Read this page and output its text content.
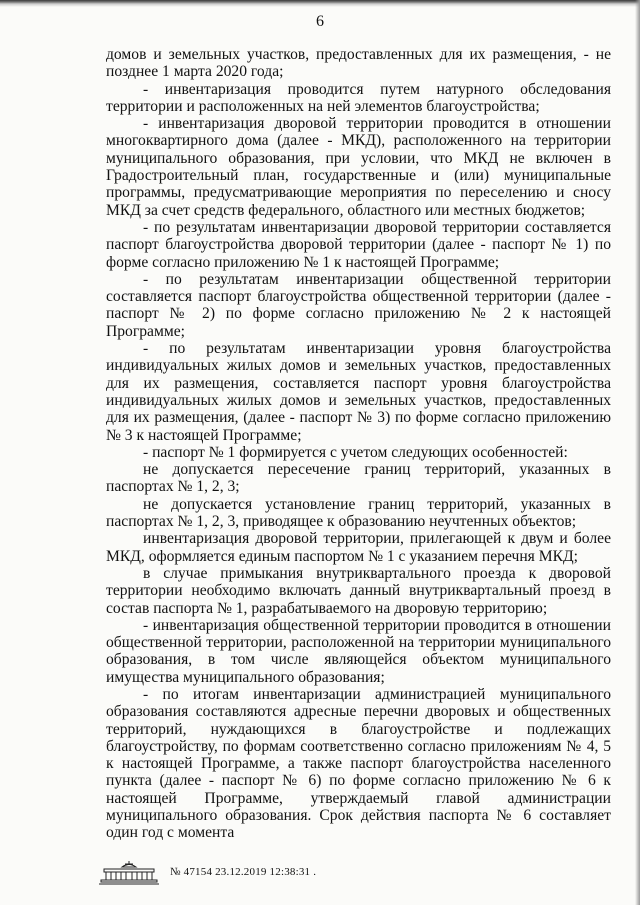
6

домов и земельных участков, предоставленных для их размещения, - не позднее 1 марта 2020 года;

- инвентаризация проводится путем натурного обследования территории и расположенных на ней элементов благоустройства;

- инвентаризация дворовой территории проводится в отношении многоквартирного дома (далее - МКД), расположенного на территории муниципального образования, при условии, что МКД не включен в Градостроительный план, государственные и (или) муниципальные программы, предусматривающие мероприятия по переселению и сносу МКД за счет средств федерального, областного или местных бюджетов;

- по результатам инвентаризации дворовой территории составляется паспорт благоустройства дворовой территории (далее - паспорт № 1) по форме согласно приложению № 1 к настоящей Программе;

- по результатам инвентаризации общественной территории составляется паспорт благоустройства общественной территории (далее - паспорт № 2) по форме согласно приложению № 2 к настоящей Программе;

- по результатам инвентаризации уровня благоустройства индивидуальных жилых домов и земельных участков, предоставленных для их размещения, составляется паспорт уровня благоустройства индивидуальных жилых домов и земельных участков, предоставленных для их размещения, (далее - паспорт № 3) по форме согласно приложению № 3 к настоящей Программе;

- паспорт № 1 формируется с учетом следующих особенностей:

не допускается пересечение границ территорий, указанных в паспортах № 1, 2, 3;

не допускается установление границ территорий, указанных в паспортах № 1, 2, 3, приводящее к образованию неучтенных объектов;

инвентаризация дворовой территории, прилегающей к двум и более МКД, оформляется единым паспортом № 1 с указанием перечня МКД;

в случае примыкания внутриквартального проезда к дворовой территории необходимо включать данный внутриквартальный проезд в состав паспорта № 1, разрабатываемого на дворовую территорию;

- инвентаризация общественной территории проводится в отношении общественной территории, расположенной на территории муниципального образования, в том числе являющейся объектом муниципального имущества муниципального образования;

- по итогам инвентаризации администрацией муниципального образования составляются адресные перечни дворовых и общественных территорий, нуждающихся в благоустройстве и подлежащих благоустройству, по формам соответственно согласно приложениям № 4, 5 к настоящей Программе, а также паспорт благоустройства населенного пункта (далее - паспорт № 6) по форме согласно приложению № 6 к настоящей Программе, утверждаемый главой администрации муниципального образования. Срок действия паспорта № 6 составляет один год с момента

№ 47154 23.12.2019 12:38:31 .
